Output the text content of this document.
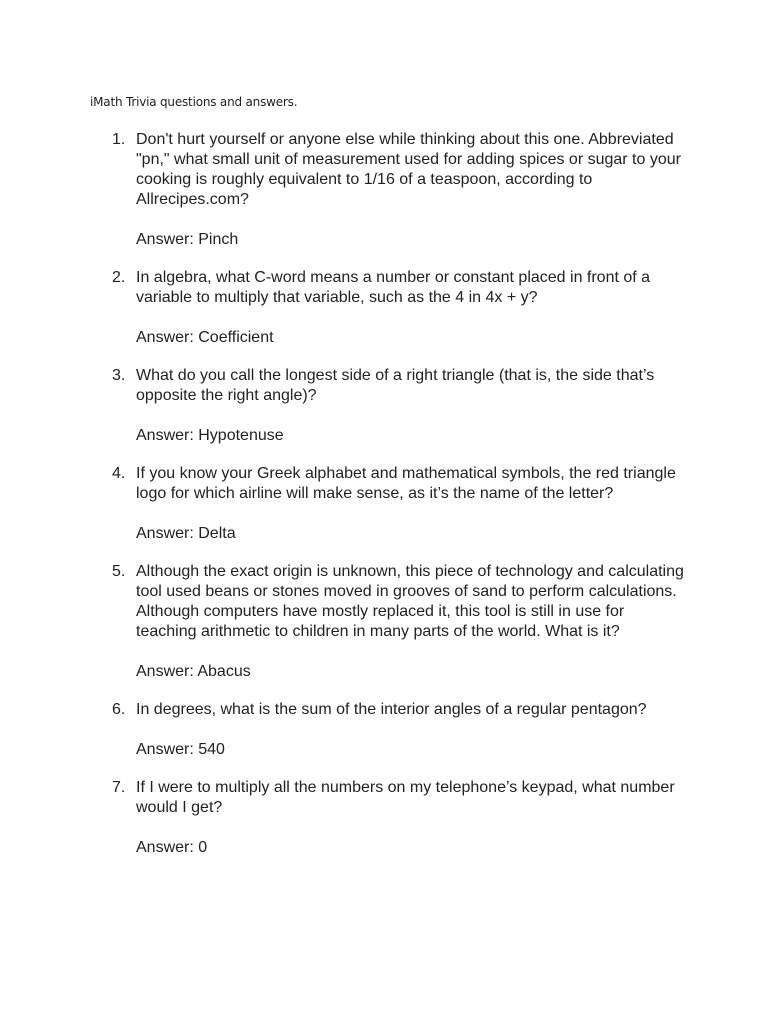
iMath Trivia questions and answers.
1. Don't hurt yourself or anyone else while thinking about this one. Abbreviated "pn," what small unit of measurement used for adding spices or sugar to your cooking is roughly equivalent to 1/16 of a teaspoon, according to Allrecipes.com?

Answer: Pinch

2. In algebra, what C-word means a number or constant placed in front of a variable to multiply that variable, such as the 4 in 4x + y?

Answer: Coefficient

3. What do you call the longest side of a right triangle (that is, the side that’s opposite the right angle)?

Answer: Hypotenuse

4. If you know your Greek alphabet and mathematical symbols, the red triangle logo for which airline will make sense, as it’s the name of the letter?

Answer: Delta

5. Although the exact origin is unknown, this piece of technology and calculating tool used beans or stones moved in grooves of sand to perform calculations. Although computers have mostly replaced it, this tool is still in use for teaching arithmetic to children in many parts of the world. What is it?

Answer: Abacus

6. In degrees, what is the sum of the interior angles of a regular pentagon?

Answer: 540

7. If I were to multiply all the numbers on my telephone’s keypad, what number would I get?

Answer: 0
